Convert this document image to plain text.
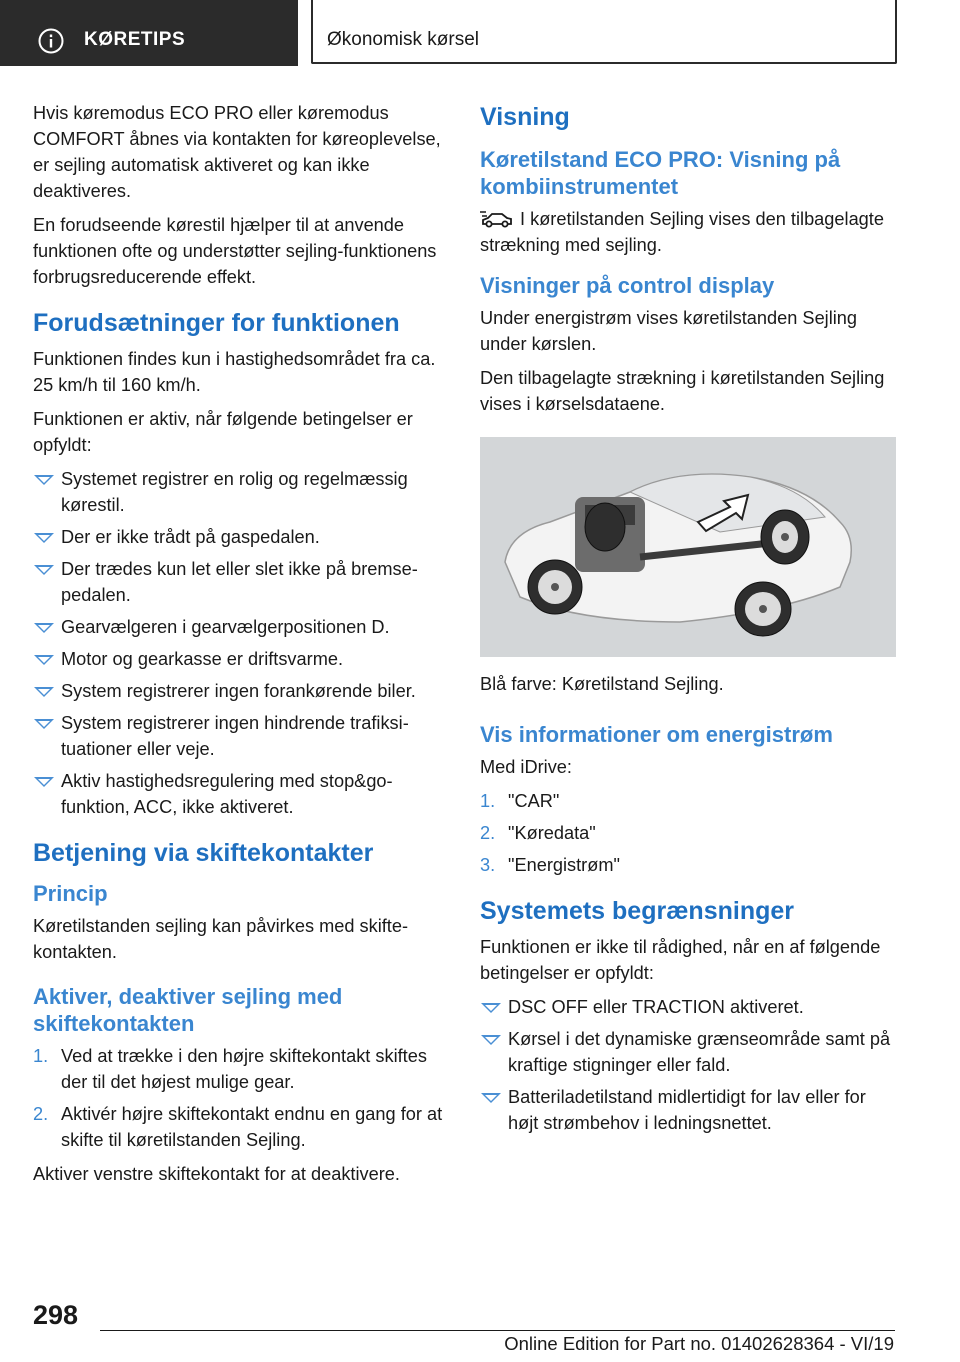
KØRETIPS	Økonomisk kørsel

Hvis køremodus ECO PRO eller køremodus COMFORT åbnes via kontakten for køreoplevelse, er sejling automatisk aktiveret og kan ikke deaktiveres.

En forudseende kørestil hjælper til at anvende funktionen ofte og understøtter sejling-funktionens forbrugsreducerende effekt.

Forudsætninger for funktionen

Funktionen findes kun i hastighedsområdet fra ca. 25 km/h til 160 km/h.

Funktionen er aktiv, når følgende betingelser er opfyldt:

Systemet registrer en rolig og regelmæssig kørestil.
Der er ikke trådt på gaspedalen.
Der trædes kun let eller slet ikke på bremsepedalen.
Gearvælgeren i gearvælgerpositionen D.
Motor og gearkasse er driftsvarme.
System registrerer ingen forankørende biler.
System registrerer ingen hindrende trafiksituationer eller veje.
Aktiv hastighedsregulering med stop&go-funktion, ACC, ikke aktiveret.
Betjening via skiftekontakter
Princip

Køretilstanden sejling kan påvirkes med skiftekontakten.

Aktiver, deaktiver sejling med skiftekontakten
1. Ved at trække i den højre skiftekontakt skiftes der til det højest mulige gear.
2. Aktivér højre skiftekontakt endnu en gang for at skifte til køretilstanden Sejling.

Aktiver venstre skiftekontakt for at deaktivere.

Visning
Køretilstand ECO PRO: Visning på kombiinstrumentet

I køretilstanden Sejling vises den tilbagelagte strækning med sejling.

Visninger på control display

Under energistrøm vises køretilstanden Sejling under kørslen.

Den tilbagelagte strækning i køretilstanden Sejling vises i kørselsdataene.

Blå farve: Køretilstand Sejling.

Vis informationer om energistrøm

Med iDrive:

1. "CAR"
2. "Køredata"
3. "Energistrøm"
Systemets begrænsninger

Funktionen er ikke til rådighed, når en af følgende betingelser er opfyldt:

DSC OFF eller TRACTION aktiveret.
Kørsel i det dynamiske grænseområde samt på kraftige stigninger eller fald.
Batteriladetilstand midlertidigt for lav eller for højt strømbehov i ledningsnettet.
298
Online Edition for Part no. 01402628364 - VI/19
